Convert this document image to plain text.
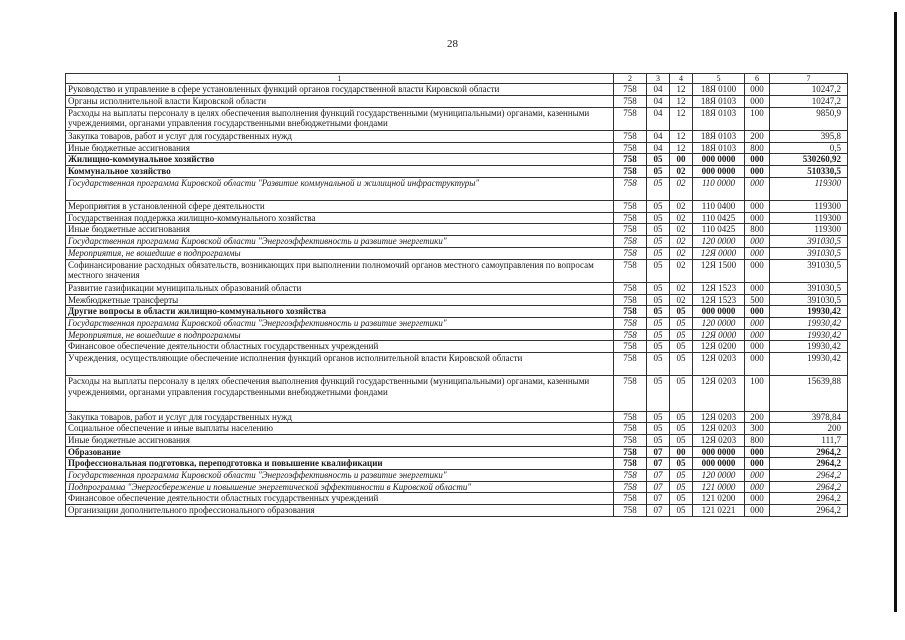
28
1	2	3	4	5	6	7
Руководство и управление в сфере установленных функций органов государственной власти Кировской области	758	04	12	18Я 0100	000	10247,2
Органы исполнительной власти Кировской области	758	04	12	18Я 0103	000	10247,2
Расходы на выплаты персоналу в целях обеспечения выполнения функций государственными (муниципальными) органами, казенными учреждениями, органами управления государственными внебюджетными фондами	758	04	12	18Я 0103	100	9850,9
Закупка товаров, работ и услуг для государственных нужд	758	04	12	18Я 0103	200	395,8
Иные бюджетные ассигнования	758	04	12	18Я 0103	800	0,5
Жилищно-коммунальное хозяйство	758	05	00	000 0000	000	530260,92
Коммунальное хозяйство	758	05	02	000 0000	000	510330,5
Государственная программа Кировской области "Развитие коммунальной и жилищной инфраструктуры"	758	05	02	110 0000	000	119300
Мероприятия в установленной сфере деятельности	758	05	02	110 0400	000	119300
Государственная поддержка жилищно-коммунального хозяйства	758	05	02	110 0425	000	119300
Иные бюджетные ассигнования	758	05	02	110 0425	800	119300
Государственная программа Кировской области "Энергоэффективность и развитие энергетики"	758	05	02	120 0000	000	391030,5
Мероприятия, не вошедшие в подпрограммы	758	05	02	12Я 0000	000	391030,5
Софинансирование расходных обязательств, возникающих при выполнении полномочий органов местного самоуправления по вопросам местного значения	758	05	02	12Я 1500	000	391030,5
Развитие газификации муниципальных образований области	758	05	02	12Я 1523	000	391030,5
Межбюджетные трансферты	758	05	02	12Я 1523	500	391030,5
Другие вопросы в области жилищно-коммунального хозяйства	758	05	05	000 0000	000	19930,42
Государственная программа Кировской области "Энергоэффективность и развитие энергетики"	758	05	05	120 0000	000	19930,42
Мероприятия, не вошедшие в подпрограммы	758	05	05	12Я 0000	000	19930,42
Финансовое обеспечение деятельности областных государственных учреждений	758	05	05	12Я 0200	000	19930,42
Учреждения, осуществляющие обеспечение исполнения функций органов исполнительной власти Кировской области	758	05	05	12Я 0203	000	19930,42
Расходы на выплаты персоналу в целях обеспечения выполнения функций государственными (муниципальными) органами, казенными учреждениями, органами управления государственными внебюджетными фондами	758	05	05	12Я 0203	100	15639,88
Закупка товаров, работ и услуг для государственных нужд	758	05	05	12Я 0203	200	3978,84
Социальное обеспечение и иные выплаты населению	758	05	05	12Я 0203	300	200
Иные бюджетные ассигнования	758	05	05	12Я 0203	800	111,7
Образование	758	07	00	000 0000	000	2964,2
Профессиональная подготовка, переподготовка и повышение квалификации	758	07	05	000 0000	000	2964,2
Государственная программа Кировской области "Энергоэффективность и развитие энергетики"	758	07	05	120 0000	000	2964,2
Подпрограмма "Энергосбережение и повышение энергетической эффективности в Кировской области"	758	07	05	121 0000	000	2964,2
Финансовое обеспечение деятельности областных государственных учреждений	758	07	05	121 0200	000	2964,2
Организации дополнительного профессионального образования	758	07	05	121 0221	000	2964,2
